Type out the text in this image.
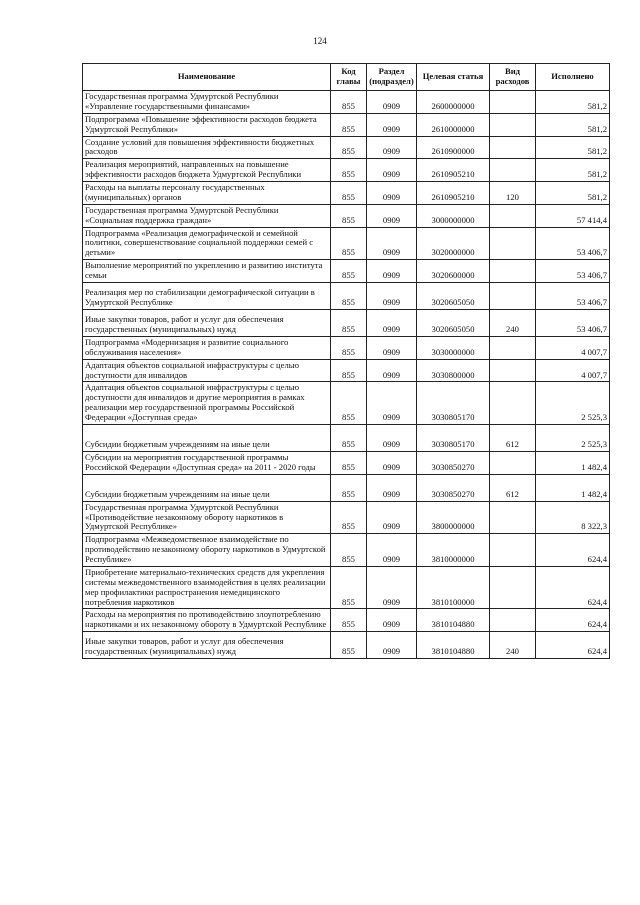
124
Наименование	Код главы	Раздел (подраздел)	Целевая статья	Вид расходов	Исполнено
Государственная программа Удмуртской Республики «Управление государственными финансами»	855	0909	2600000000		581,2
Подпрограмма «Повышение эффективности расходов бюджета Удмуртской Республики»	855	0909	2610000000		581,2
Создание условий для повышения эффективности бюджетных расходов	855	0909	2610900000		581,2
Реализация мероприятий, направленных на повышение эффективности расходов бюджета Удмуртской Республики	855	0909	2610905210		581,2
Расходы на выплаты персоналу государственных (муниципальных) органов	855	0909	2610905210	120	581,2
Государственная программа Удмуртской Республики «Социальная поддержка граждан»	855	0909	3000000000		57 414,4
Подпрограмма «Реализация демографической и семейной политики, совершенствование социальной поддержки семей с детьми»	855	0909	3020000000		53 406,7
Выполнение мероприятий по укреплению и развитию института семьи	855	0909	3020600000		53 406,7
Реализация мер по стабилизации демографической ситуации в Удмуртской Республике	855	0909	3020605050		53 406,7
Иные закупки товаров, работ и услуг для обеспечения государственных (муниципальных) нужд	855	0909	3020605050	240	53 406,7
Подпрограмма «Модернизация и развитие социального обслуживания населения»	855	0909	3030000000		4 007,7
Адаптация объектов социальной инфраструктуры с целью доступности для инвалидов	855	0909	3030800000		4 007,7
Адаптация объектов социальной инфраструктуры с целью доступности для инвалидов и другие мероприятия в рамках реализации мер государственной программы Российской Федерации «Доступная среда»	855	0909	3030805170		2 525,3
Субсидии бюджетным учреждениям на иные цели	855	0909	3030805170	612	2 525,3
Субсидии на мероприятия государственной программы Российской Федерации «Доступная среда» на 2011 - 2020 годы	855	0909	3030850270		1 482,4
Субсидии бюджетным учреждениям на иные цели	855	0909	3030850270	612	1 482,4
Государственная программа Удмуртской Республики «Противодействие незаконному обороту наркотиков в Удмуртской Республике»	855	0909	3800000000		8 322,3
Подпрограмма «Межведомственное взаимодействие по противодействию незаконному обороту наркотиков в Удмуртской Республике»	855	0909	3810000000		624,4
Приобретение материально-технических средств для укрепления системы межведомственного взаимодействия в целях реализации мер профилактики распространения немедицинского потребления наркотиков	855	0909	3810100000		624,4
Расходы на мероприятия по противодействию злоупотреблению наркотиками и их незаконному обороту в Удмуртской Республике	855	0909	3810104880		624,4
Иные закупки товаров, работ и услуг для обеспечения государственных (муниципальных) нужд	855	0909	3810104880	240	624,4
